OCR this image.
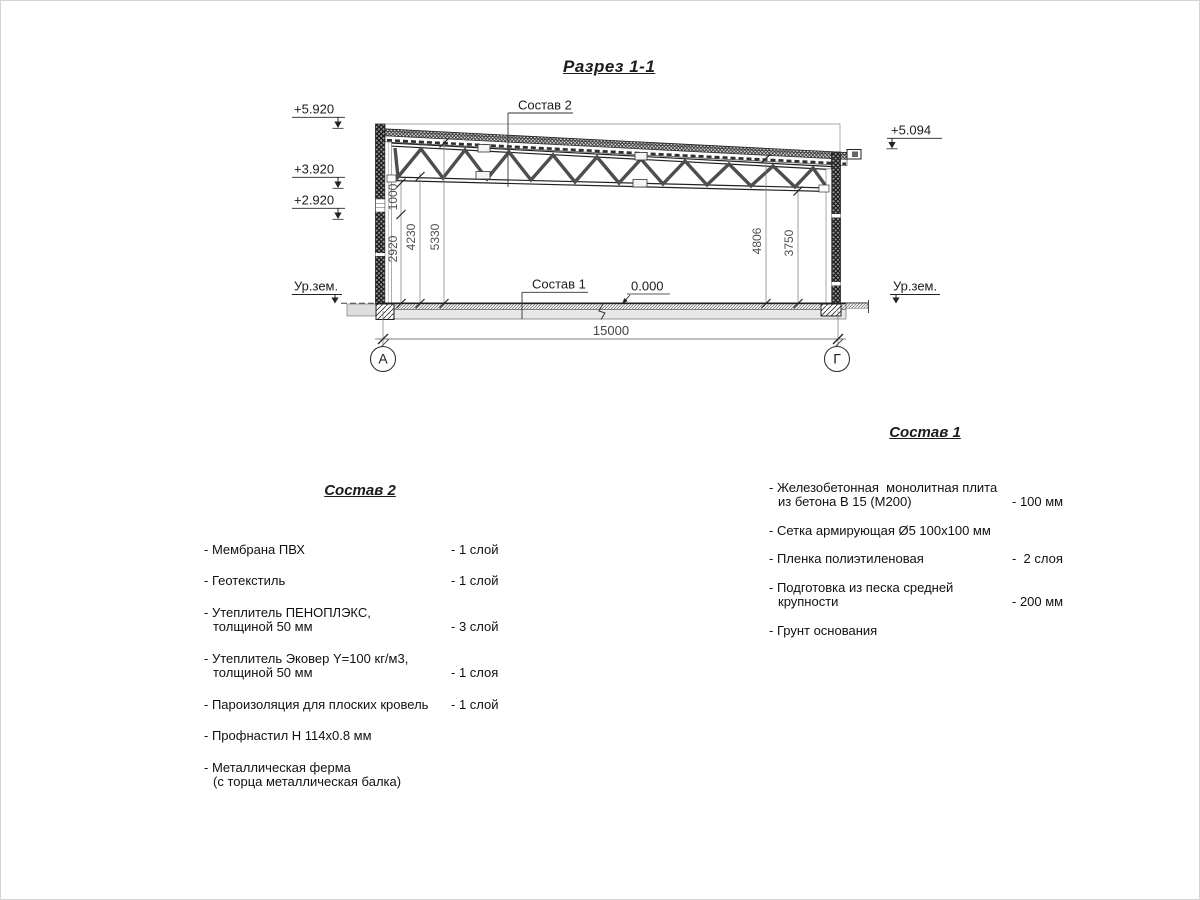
Разрез 1-1
1000
2920 4230 5330	4806 3750
15000
А	Г
+5.920
+3.920
+2.920
+5.094
Ур.зем.	Ур.зем.
0.000
Состав 2
Состав 1

Состав 2

- Мембрана ПВХ	- 1 слой
- Геотекстиль	- 1 слой
- Утеплитель ПЕНОПЛЭКС,
толщиной 50 мм	- 3 слой
- Утеплитель Эковер Y=100 кг/м3,
толщиной 50 мм	- 1 слоя
- Пароизоляция для плоских кровель	- 1 слой
- Профнастил Н 114х0.8 мм
- Металлическая ферма
(с торца металлическая балка)

Состав 1

- Железобетонная  монолитная плита
из бетона В 15 (М200)	- 100 мм
- Сетка армирующая Ø5 100х100 мм
- Пленка полиэтиленовая	-  2 слоя
- Подготовка из песка средней
крупности	- 200 мм
- Грунт основания
